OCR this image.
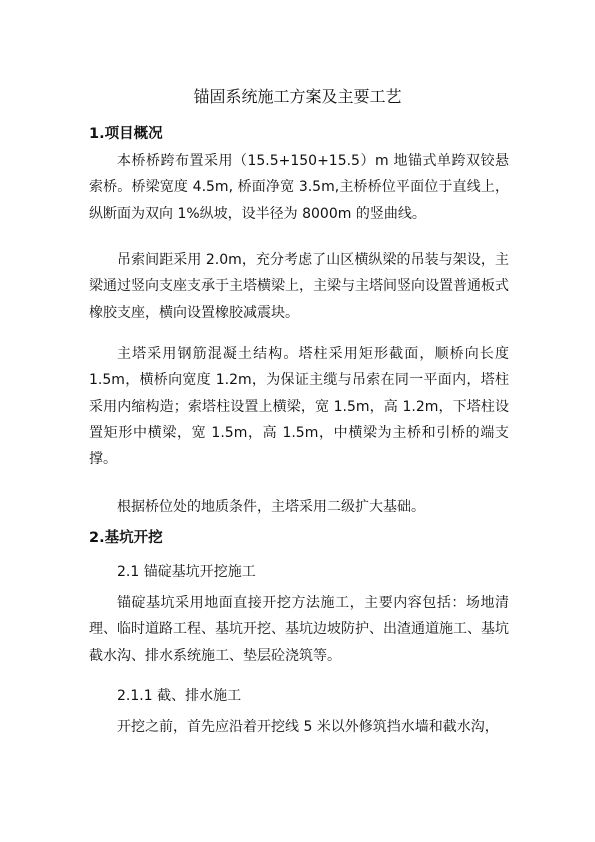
锚固系统施工方案及主要工艺
1.项目概况

本桥桥跨布置采用（15.5+150+15.5）m 地锚式单跨双铰悬索桥。桥梁宽度 4.5m, 桥面净宽 3.5m,主桥桥位平面位于直线上，纵断面为双向 1%纵坡，设半径为 8000m 的竖曲线。

吊索间距采用 2.0m，充分考虑了山区横纵梁的吊装与架设，主梁通过竖向支座支承于主塔横梁上，主梁与主塔间竖向设置普通板式橡胶支座，横向设置橡胶减震块。

主塔采用钢筋混凝土结构。塔柱采用矩形截面，顺桥向长度 1.5m，横桥向宽度 1.2m，为保证主缆与吊索在同一平面内，塔柱采用内缩构造；索塔柱设置上横梁，宽 1.5m，高 1.2m，下塔柱设置矩形中横梁，宽 1.5m，高 1.5m，中横梁为主桥和引桥的端支撑。

根据桥位处的地质条件，主塔采用二级扩大基础。

2.基坑开挖
2.1 锚碇基坑开挖施工

锚碇基坑采用地面直接开挖方法施工，主要内容包括：场地清理、临时道路工程、基坑开挖、基坑边坡防护、出渣通道施工、基坑截水沟、排水系统施工、垫层砼浇筑等。

2.1.1 截、排水施工

开挖之前，首先应沿着开挖线 5 米以外修筑挡水墙和截水沟，
